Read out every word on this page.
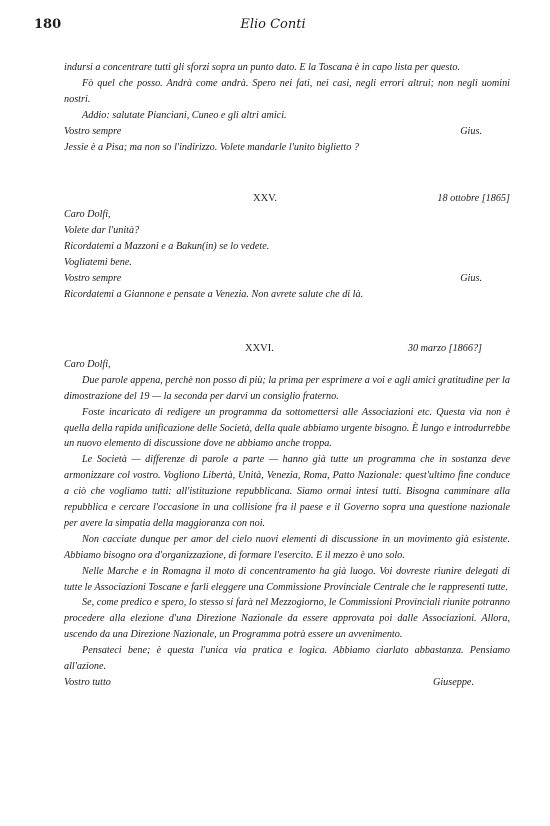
180	Elio Conti

indursi a concentrare tutti gli sforzi sopra un punto dato. E la Toscana è in capo lista per questo.

Fò quel che posso. Andrà come andrà. Spero nei fati, nei casi, negli errori altrui; non negli uomini nostri.

Addio: salutate Pianciani, Cuneo e gli altri amici.

Vostro sempre	Gius.

Jessie è a Pisa; ma non so l'indirizzo. Volete mandarle l'unito biglietto ?

XXV.	18 ottobre [1865]

Caro Dolfi,

Volete dar l'unità?

Ricordatemi a Mazzoni e a Bakun(in) se lo vedete.

Vogliatemi bene.

Vostro sempre	Gius.

Ricordatemi a Giannone e pensate a Venezia. Non avrete salute che di là.

XXVI.	30 marzo [1866?]

Caro Dolfi,

Due parole appena, perchè non posso di più; la prima per esprimere a voi e agli amici gratitudine per la dimostrazione del 19 — la seconda per darvi un consiglio fraterno.

Foste incaricato di redigere un programma da sottomettersi alle Associazioni etc. Questa via non è quella della rapida unificazione delle Società, della quale abbiamo urgente bisogno. È lungo e introdurrebbe un nuovo elemento di discussione dove ne abbiamo anche troppa.

Le Società — differenze di parole a parte — hanno già tutte un programma che in sostanza deve armonizzare col vostro. Vogliono Libertà, Unità, Venezia, Roma, Patto Nazionale: quest'ultimo fine conduce a ciò che vogliamo tutti: all'istituzione repubblicana. Siamo ormai intesi tutti. Bisogna camminare alla repubblica e cercare l'occasione in una collisione fra il paese e il Governo sopra una questione nazionale per avere la simpatia della maggioranza con noi.

Non cacciate dunque per amor del cielo nuovi elementi di discussione in un movimento già esistente. Abbiamo bisogno ora d'organizzazione, di formare l'esercito. E il mezzo è uno solo.

Nelle Marche e in Romagna il moto di concentramento ha già luogo. Voi dovreste riunire delegati di tutte le Associazioni Toscane e farli eleggere una Commissione Provinciale Centrale che le rappresenti tutte.

Se, come predico e spero, lo stesso si farà nel Mezzogiorno, le Commissioni Provinciali riunite potranno procedere alla elezione d'una Direzione Nazionale da essere approvata poi dalle Associazioni. Allora, uscendo da una Direzione Nazionale, un Programma potrà essere un avvenimento.

Pensateci bene; è questa l'unica via pratica e logica. Abbiamo ciarlato abbastanza. Pensiamo all'azione.

Vostro tutto	Giuseppe.
